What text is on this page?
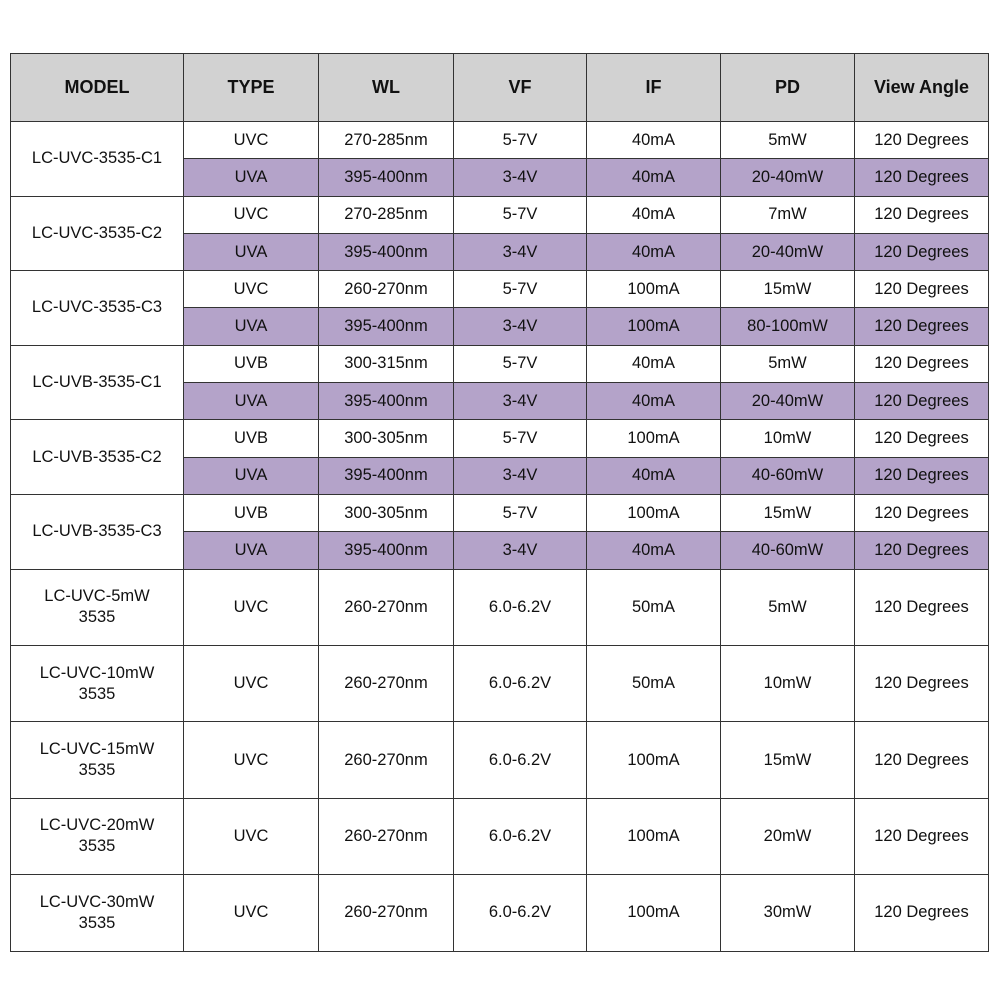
MODEL	TYPE	WL	VF	IF	PD	View Angle

LC-UVC-3535-C1	UVC	270-285nm	5-7V	40mA	5mW	120 Degrees
	UVA	395-400nm	3-4V	40mA	20-40mW	120 Degrees

LC-UVC-3535-C2	UVC	270-285nm	5-7V	40mA	7mW	120 Degrees
	UVA	395-400nm	3-4V	40mA	20-40mW	120 Degrees

LC-UVC-3535-C3	UVC	260-270nm	5-7V	100mA	15mW	120 Degrees
	UVA	395-400nm	3-4V	100mA	80-100mW	120 Degrees

LC-UVB-3535-C1	UVB	300-315nm	5-7V	40mA	5mW	120 Degrees
	UVA	395-400nm	3-4V	40mA	20-40mW	120 Degrees

LC-UVB-3535-C2	UVB	300-305nm	5-7V	100mA	10mW	120 Degrees
	UVA	395-400nm	3-4V	40mA	40-60mW	120 Degrees

LC-UVB-3535-C3	UVB	300-305nm	5-7V	100mA	15mW	120 Degrees
	UVA	395-400nm	3-4V	40mA	40-60mW	120 Degrees

LC-UVC-5mW
3535	UVC	260-270nm	6.0-6.2V	50mA	5mW	120 Degrees

LC-UVC-10mW
3535	UVC	260-270nm	6.0-6.2V	50mA	10mW	120 Degrees

LC-UVC-15mW
3535	UVC	260-270nm	6.0-6.2V	100mA	15mW	120 Degrees

LC-UVC-20mW
3535	UVC	260-270nm	6.0-6.2V	100mA	20mW	120 Degrees

LC-UVC-30mW
3535	UVC	260-270nm	6.0-6.2V	100mA	30mW	120 Degrees
